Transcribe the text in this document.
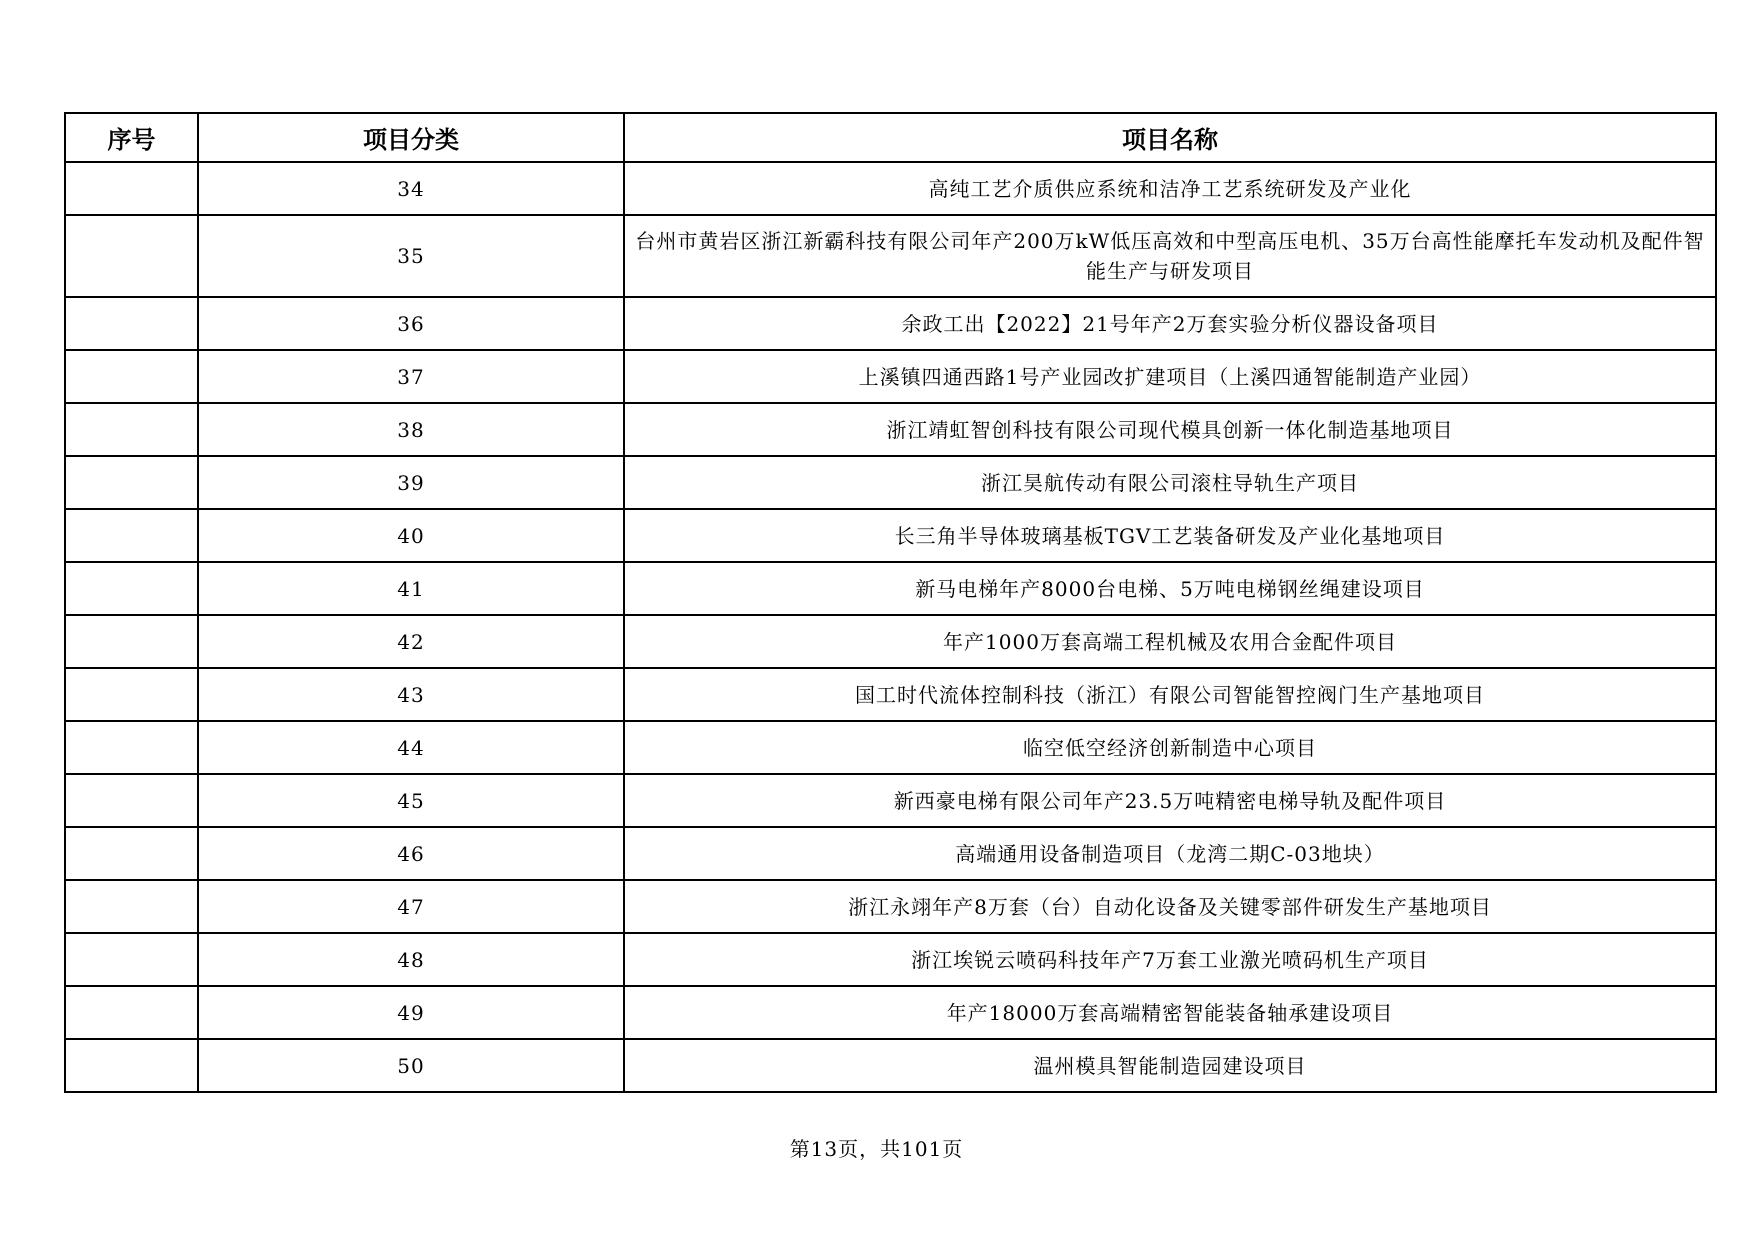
序号	项目分类	项目名称
	34	高纯工艺介质供应系统和洁净工艺系统研发及产业化
	35	台州市黄岩区浙江新霸科技有限公司年产200万kW低压高效和中型高压电机、35万台高性能摩托车发动机及配件智能生产与研发项目
	36	余政工出【2022】21号年产2万套实验分析仪器设备项目
	37	上溪镇四通西路1号产业园改扩建项目（上溪四通智能制造产业园）
	38	浙江靖虹智创科技有限公司现代模具创新一体化制造基地项目
	39	浙江昊航传动有限公司滚柱导轨生产项目
	40	长三角半导体玻璃基板TGV工艺装备研发及产业化基地项目
	41	新马电梯年产8000台电梯、5万吨电梯钢丝绳建设项目
	42	年产1000万套高端工程机械及农用合金配件项目
	43	国工时代流体控制科技（浙江）有限公司智能智控阀门生产基地项目
	44	临空低空经济创新制造中心项目
	45	新西豪电梯有限公司年产23.5万吨精密电梯导轨及配件项目
	46	高端通用设备制造项目（龙湾二期C-03地块）
	47	浙江永翊年产8万套（台）自动化设备及关键零部件研发生产基地项目
	48	浙江埃锐云喷码科技年产7万套工业激光喷码机生产项目
	49	年产18000万套高端精密智能装备轴承建设项目
	50	温州模具智能制造园建设项目
第13页，共101页
